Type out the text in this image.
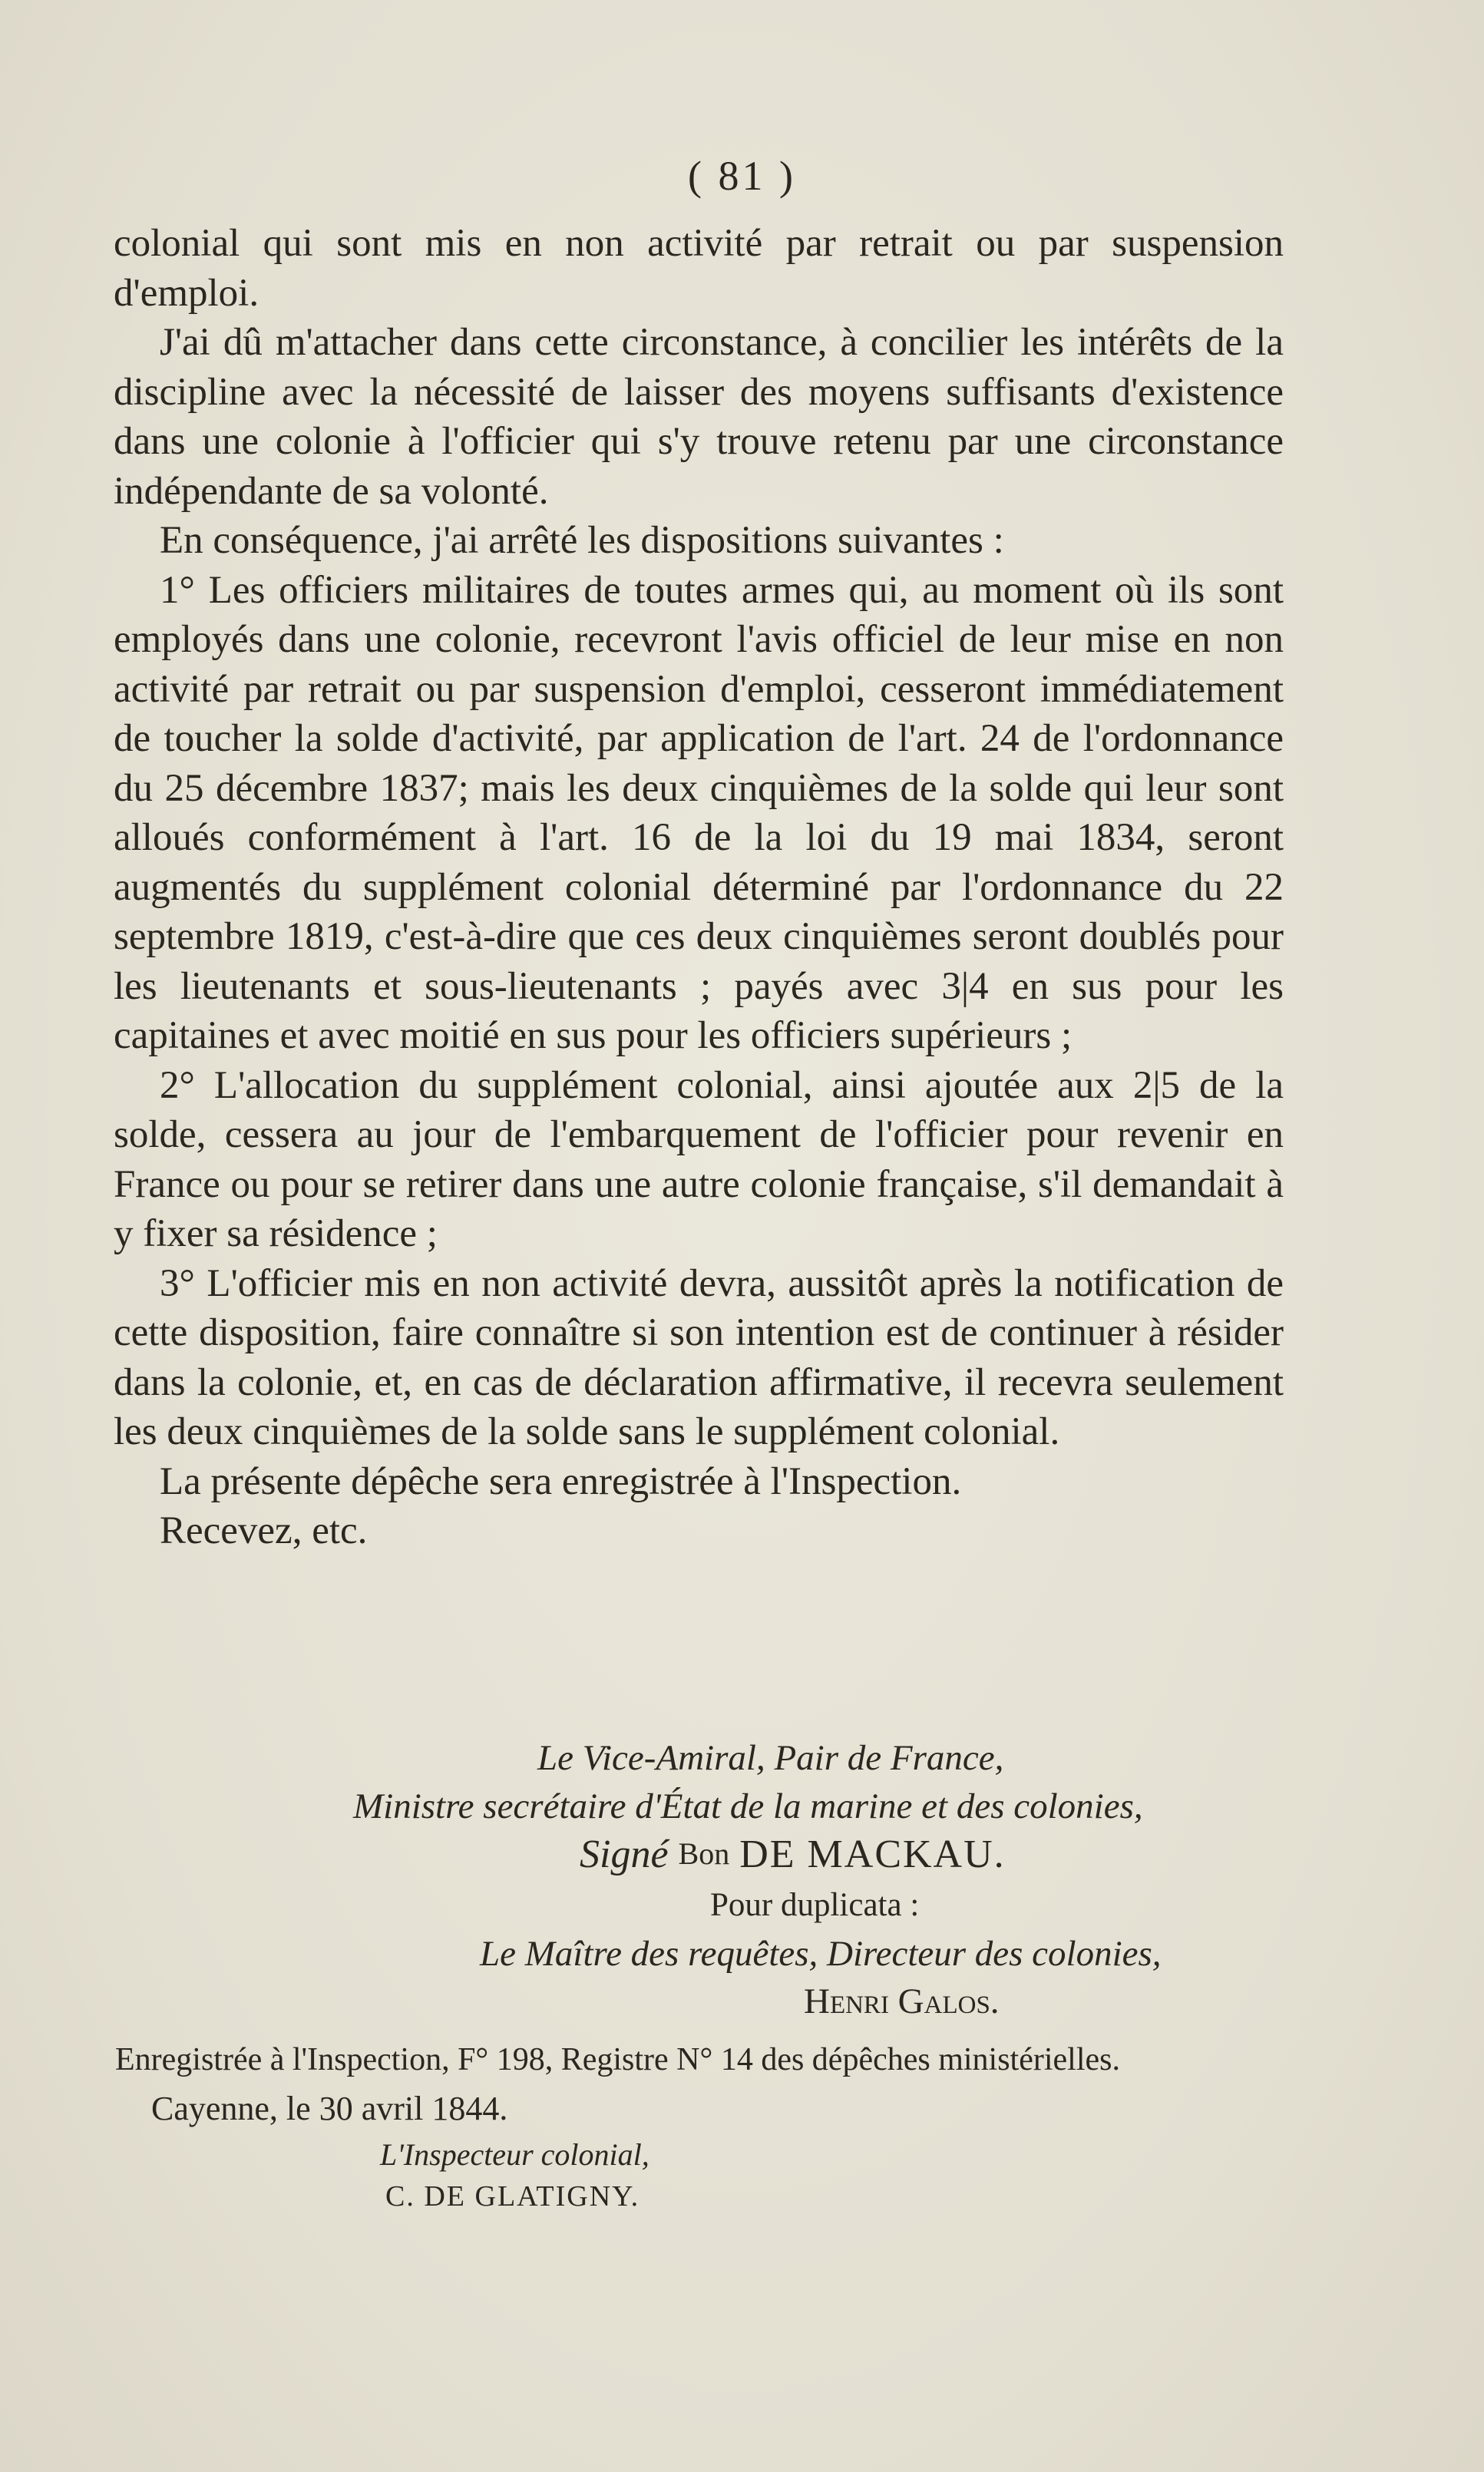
( 81 )

colonial qui sont mis en non activité par retrait ou par suspension d'emploi.

J'ai dû m'attacher dans cette circonstance, à concilier les intérêts de la discipline avec la nécessité de laisser des moyens suffisants d'existence dans une colonie à l'officier qui s'y trouve retenu par une circonstance indépendante de sa volonté.

En conséquence, j'ai arrêté les dispositions suivantes :

1° Les officiers militaires de toutes armes qui, au moment où ils sont employés dans une colonie, recevront l'avis officiel de leur mise en non activité par retrait ou par suspension d'emploi, cesseront immédiatement de toucher la solde d'activité, par application de l'art. 24 de l'ordonnance du 25 décembre 1837; mais les deux cinquièmes de la solde qui leur sont alloués conformément à l'art. 16 de la loi du 19 mai 1834, seront augmentés du supplément colonial déterminé par l'ordonnance du 22 septembre 1819, c'est-à-dire que ces deux cinquièmes seront doublés pour les lieutenants et sous-lieutenants ; payés avec 3|4 en sus pour les capitaines et avec moitié en sus pour les officiers supérieurs ;

2° L'allocation du supplément colonial, ainsi ajoutée aux 2|5 de la solde, cessera au jour de l'embarquement de l'officier pour revenir en France ou pour se retirer dans une autre colonie française, s'il demandait à y fixer sa résidence ;

3° L'officier mis en non activité devra, aussitôt après la notification de cette disposition, faire connaître si son intention est de continuer à résider dans la colonie, et, en cas de déclaration affirmative, il recevra seulement les deux cinquièmes de la solde sans le supplément colonial.

La présente dépêche sera enregistrée à l'Inspection.

Recevez, etc.

Le Vice-Amiral, Pair de France,
Ministre secrétaire d'État de la marine et des colonies,
Signé Bon DE MACKAU.
Pour duplicata :
Le Maître des requêtes, Directeur des colonies,
Henri Galos.
Enregistrée à l'Inspection, F° 198, Registre N° 14 des dépêches ministérielles.
Cayenne, le 30 avril 1844.
L'Inspecteur colonial,
C. DE GLATIGNY.
